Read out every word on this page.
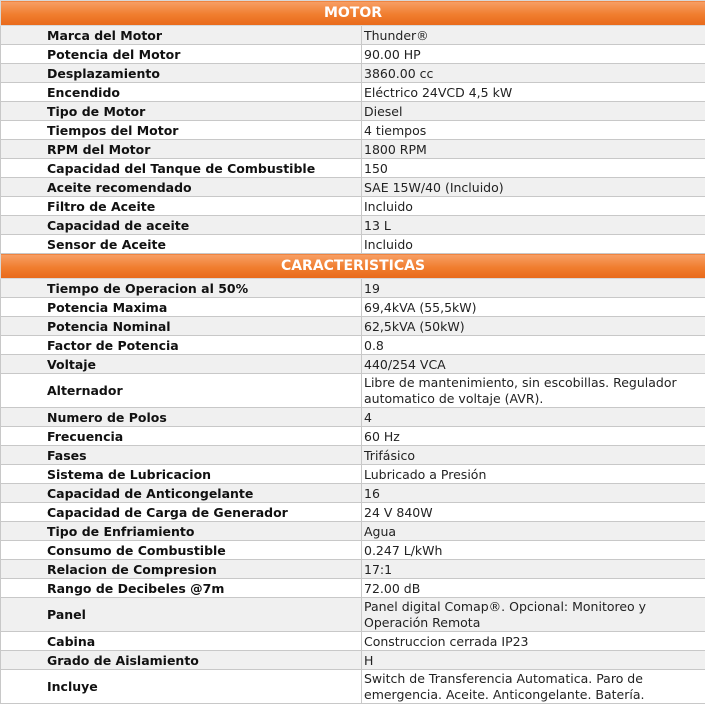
MOTOR	
Marca del Motor	Thunder®
Potencia del Motor	90.00 HP
Desplazamiento	3860.00 cc
Encendido	Eléctrico 24VCD 4,5 kW
Tipo de Motor	Diesel
Tiempos del Motor	4 tiempos
RPM del Motor	1800 RPM
Capacidad del Tanque de Combustible	150
Aceite recomendado	SAE 15W/40 (Incluido)
Filtro de Aceite	Incluido
Capacidad de aceite	13 L
Sensor de Aceite	Incluido
CARACTERISTICAS	
Tiempo de Operacion al 50%	19
Potencia Maxima	69,4kVA (55,5kW)
Potencia Nominal	62,5kVA (50kW)
Factor de Potencia	0.8
Voltaje	440/254 VCA
Alternador	Libre de mantenimiento, sin escobillas. Regulador automatico de voltaje (AVR).
Numero de Polos	4
Frecuencia	60 Hz
Fases	Trifásico
Sistema de Lubricacion	Lubricado a Presión
Capacidad de Anticongelante	16
Capacidad de Carga de Generador	24 V 840W
Tipo de Enfriamiento	Agua
Consumo de Combustible	0.247 L/kWh
Relacion de Compresion	17:1
Rango de Decibeles @7m	72.00 dB
Panel	Panel digital Comap®. Opcional: Monitoreo y Operación Remota
Cabina	Construccion cerrada IP23
Grado de Aislamiento	H
Incluye	Switch de Transferencia Automatica. Paro de emergencia. Aceite. Anticongelante. Batería.
